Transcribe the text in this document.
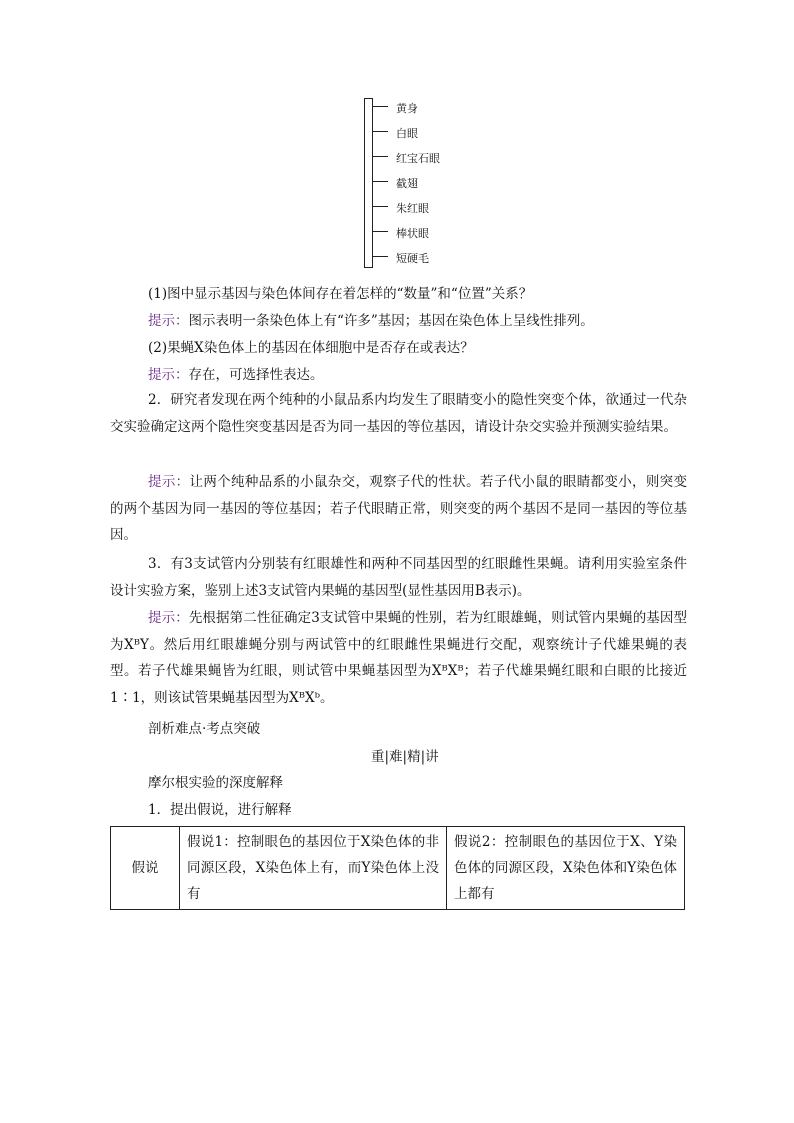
黄身
白眼
红宝石眼
截翅
朱红眼
棒状眼
短硬毛
(1)图中显示基因与染色体间存在着怎样的“数量”和“位置”关系？
提示：图示表明一条染色体上有“许多”基因；基因在染色体上呈线性排列。
(2)果蝇X染色体上的基因在体细胞中是否存在或表达？
提示：存在，可选择性表达。
2．研究者发现在两个纯种的小鼠品系内均发生了眼睛变小的隐性突变个体，欲通过一代杂交实验确定这两个隐性突变基因是否为同一基因的等位基因，请设计杂交实验并预测实验结果。
提示：让两个纯种品系的小鼠杂交，观察子代的性状。若子代小鼠的眼睛都变小，则突变的两个基因为同一基因的等位基因；若子代眼睛正常，则突变的两个基因不是同一基因的等位基因。
3．有3支试管内分别装有红眼雄性和两种不同基因型的红眼雌性果蝇。请利用实验室条件设计实验方案，鉴别上述3支试管内果蝇的基因型(显性基因用B表示)。
提示：先根据第二性征确定3支试管中果蝇的性别，若为红眼雄蝇，则试管内果蝇的基因型为XᴮY。然后用红眼雄蝇分别与两试管中的红眼雌性果蝇进行交配，观察统计子代雄果蝇的表型。若子代雄果蝇皆为红眼，则试管中果蝇基因型为XᴮXᴮ；若子代雄果蝇红眼和白眼的比接近1∶1，则该试管果蝇基因型为XᴮXᵇ。
剖析难点·考点突破
重|难|精|讲
摩尔根实验的深度解释
1．提出假说，进行解释
假说	假说1：控制眼色的基因位于X染色体的非同源区段，X染色体上有，而Y染色体上没有	假说2：控制眼色的基因位于X、Y染色体的同源区段，X染色体和Y染色体上都有
